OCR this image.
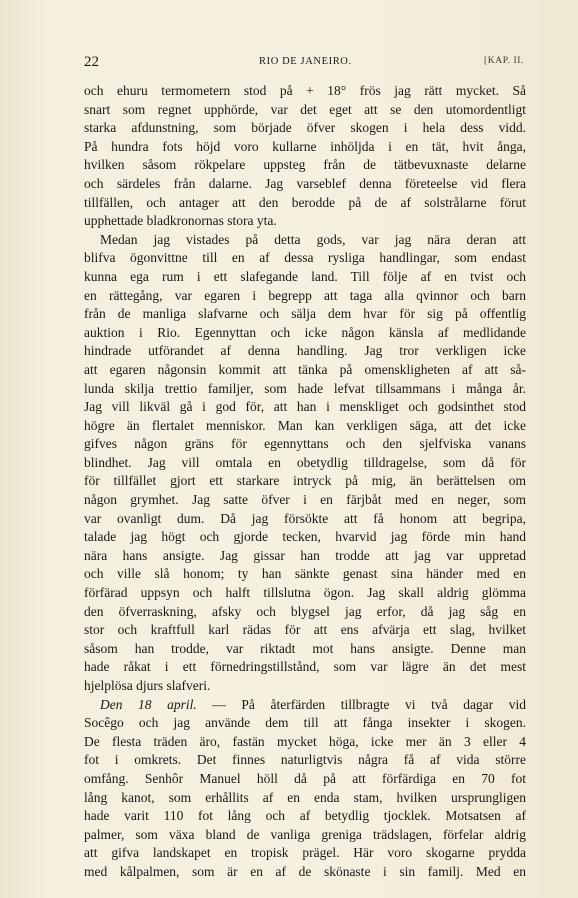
22	RIO DE JANEIRO.	[KAP. II.
och ehuru termometern stod på + 18° frös jag rätt mycket. Så
snart som regnet upphörde, var det eget att se den utomordentligt
starka afdunstning, som började öfver skogen i hela dess vidd.
På hundra fots höjd voro kullarne inhöljda i en tät, hvit ånga,
hvilken såsom rökpelare uppsteg från de tätbevuxnaste delarne
och särdeles från dalarne. Jag varseblef denna företeelse vid flera
tillfällen, och antager att den berodde på de af solstrålarne förut
upphettade bladkronornas stora yta.
Medan jag vistades på detta gods, var jag nära deran att
blifva ögonvittne till en af dessa rysliga handlingar, som endast
kunna ega rum i ett slafegande land. Till följe af en tvist och
en rättegång, var egaren i begrepp att taga alla qvinnor och barn
från de manliga slafvarne och sälja dem hvar för sig på offentlig
auktion i Rio. Egennyttan och icke någon känsla af medlidande
hindrade utförandet af denna handling. Jag tror verkligen icke
att egaren någonsin kommit att tänka på omenskligheten af att så-
lunda skilja trettio familjer, som hade lefvat tillsammans i många år.
Jag vill likväl gå i god för, att han i menskliget och godsinthet stod
högre än flertalet menniskor. Man kan verkligen säga, att det icke
gifves någon gräns för egennyttans och den sjelfviska vanans
blindhet. Jag vill omtala en obetydlig tilldragelse, som då för
för tillfället gjort ett starkare intryck på mig, än berättelsen om
någon grymhet. Jag satte öfver i en färjbåt med en neger, som
var ovanligt dum. Då jag försökte att få honom att begripa,
talade jag högt och gjorde tecken, hvarvid jag förde min hand
nära hans ansigte. Jag gissar han trodde att jag var uppretad
och ville slå honom; ty han sänkte genast sina händer med en
förfärad uppsyn och halft tillslutna ögon. Jag skall aldrig glömma
den öfverraskning, afsky och blygsel jag erfor, då jag såg en
stor och kraftfull karl rädas för att ens afvärja ett slag, hvilket
såsom han trodde, var riktadt mot hans ansigte. Denne man
hade råkat i ett förnedringstillstånd, som var lägre än det mest
hjelplösa djurs slafveri.
Den 18 april. — På återfärden tillbragte vi två dagar vid
Socêgo och jag använde dem till att fånga insekter i skogen.
De flesta träden äro, fastän mycket höga, icke mer än 3 eller 4
fot i omkrets. Det finnes naturligtvis några få af vida större
omfång. Senhôr Manuel höll då på att förfärdiga en 70 fot
lång kanot, som erhållits af en enda stam, hvilken ursprungligen
hade varit 110 fot lång och af betydlig tjocklek. Motsatsen af
palmer, som växa bland de vanliga greniga trädslagen, förfelar aldrig
att gifva landskapet en tropisk prägel. Här voro skogarne prydda
med kålpalmen, som är en af de skönaste i sin familj. Med en
